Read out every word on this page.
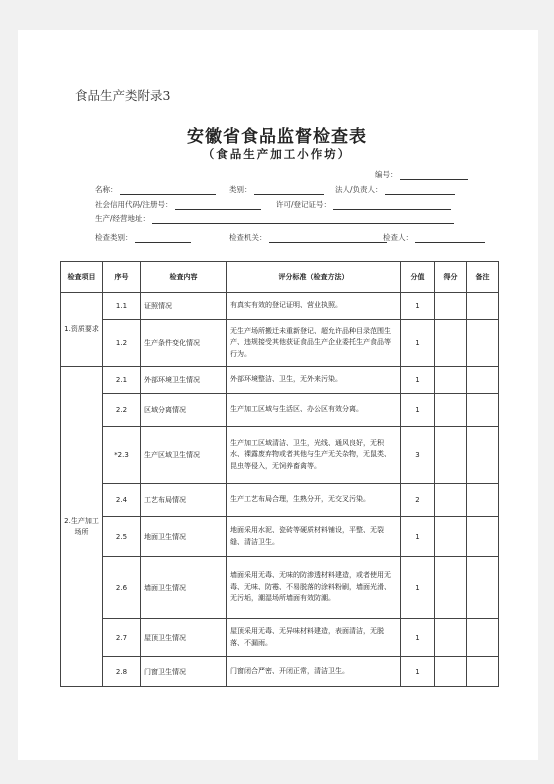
食品生产类附录3
安徽省食品监督检查表
（食品生产加工小作坊）
编号：
名称：	类别：	法人/负责人：
社会信用代码/注册号：	许可/登记证号：
生产/经营地址：
检查类别：	检查机关：	检查人：
检查项目	序号	检查内容	评分标准（检查方法）	分值	得分	备注
1.资质要求	1.1	证照情况	有真实有效的登记证明、营业执照。	1		
	1.2	生产条件变化情况	无生产场所搬迁未重新登记、超允许品种目录范围生产、违规接受其他获证食品生产企业委托生产食品等行为。	1		
2.生产加工场所	2.1	外部环境卫生情况	外部环境整洁、卫生，无外来污染。	1		
	2.2	区域分离情况	生产加工区域与生活区、办公区有效分离。	1		
	*2.3	生产区域卫生情况	生产加工区域清洁、卫生，光线、通风良好，无积水、裸露废弃物或者其他与生产无关杂物，无鼠类、昆虫等侵入，无饲养畜禽等。	3		
	2.4	工艺布局情况	生产工艺布局合理，生熟分开，无交叉污染。	2		
	2.5	地面卫生情况	地面采用水泥、瓷砖等硬质材料铺设，平整、无裂缝、清洁卫生。	1		
	2.6	墙面卫生情况	墙面采用无毒、无味的防渗透材料建造，或者使用无毒、无味、防霉、不易脱落的涂料粉刷，墙面光滑、无污垢，潮湿场所墙面有效防潮。	1		
	2.7	屋顶卫生情况	屋顶采用无毒、无异味材料建造，表面清洁，无脱落、不漏雨。	1		
	2.8	门窗卫生情况	门窗闭合严密、开闭正常，清洁卫生。	1		
